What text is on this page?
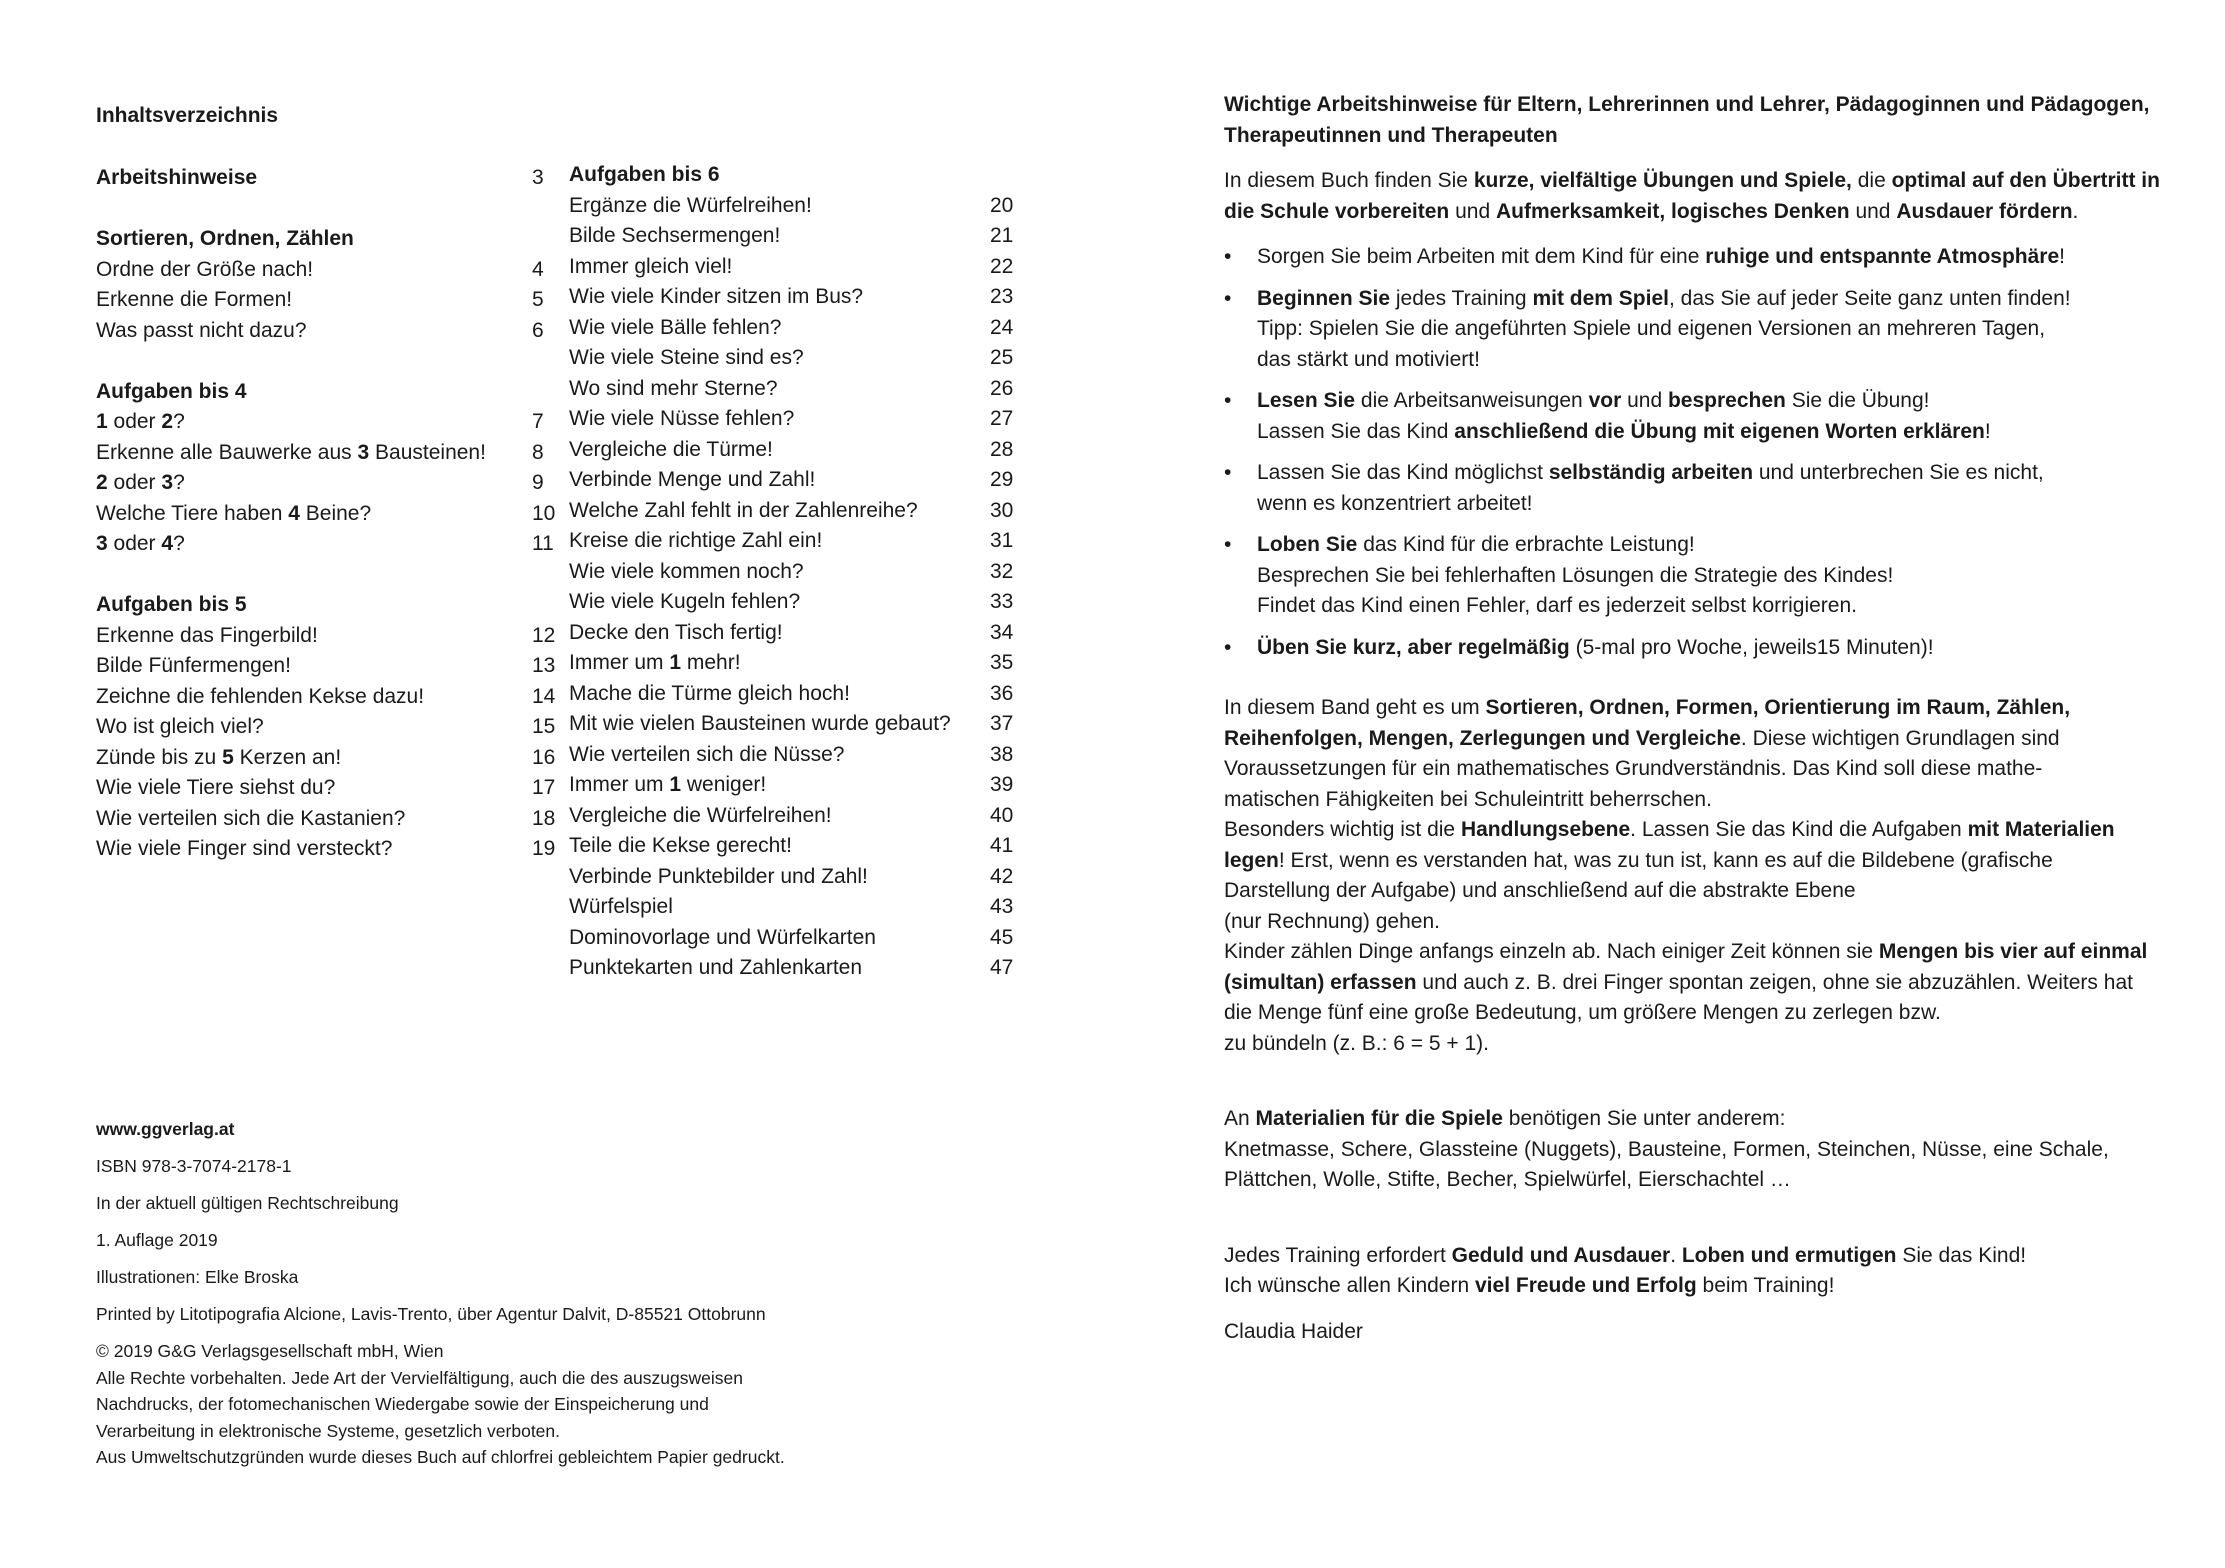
Inhaltsverzeichnis
Arbeitshinweise	3
Sortieren, Ordnen, Zählen
Ordne der Größe nach!	4
Erkenne die Formen!	5
Was passt nicht dazu?	6
Aufgaben bis 4
1 oder 2?	7
Erkenne alle Bauwerke aus 3 Bausteinen! 8
2 oder 3?	9
Welche Tiere haben 4 Beine?	10
3 oder 4?	11
Aufgaben bis 5
Erkenne das Fingerbild!	12
Bilde Fünfermengen!	13
Zeichne die fehlenden Kekse dazu!	14
Wo ist gleich viel?	15
Zünde bis zu 5 Kerzen an!	16
Wie viele Tiere siehst du?	17
Wie verteilen sich die Kastanien?	18
Wie viele Finger sind versteckt?	19
Aufgaben bis 6
Ergänze die Würfelreihen!	20
Bilde Sechsermengen!	21
Immer gleich viel!	22
Wie viele Kinder sitzen im Bus?	23
Wie viele Bälle fehlen?	24
Wie viele Steine sind es?	25
Wo sind mehr Sterne?	26
Wie viele Nüsse fehlen?	27
Vergleiche die Türme!	28
Verbinde Menge und Zahl!	29
Welche Zahl fehlt in der Zahlenreihe?	30
Kreise die richtige Zahl ein!	31
Wie viele kommen noch?	32
Wie viele Kugeln fehlen?	33
Decke den Tisch fertig!	34
Immer um 1 mehr!	35
Mache die Türme gleich hoch!	36
Mit wie vielen Bausteinen wurde gebaut? 37
Wie verteilen sich die Nüsse?	38
Immer um 1 weniger!	39
Vergleiche die Würfelreihen!	40
Teile die Kekse gerecht!	41
Verbinde Punktebilder und Zahl!	42
Würfelspiel	43
Dominovorlage und Würfelkarten	45
Punktekarten und Zahlenkarten	47
www.ggverlag.at
ISBN 978-3-7074-2178-1
In der aktuell gültigen Rechtschreibung
1. Auflage 2019
Illustrationen: Elke Broska
Printed by Litotipografia Alcione, Lavis-Trento, über Agentur Dalvit, D-85521 Ottobrunn
© 2019 G&G Verlagsgesellschaft mbH, Wien
Alle Rechte vorbehalten. Jede Art der Vervielfältigung, auch die des auszugsweisen
Nachdrucks, der fotomechanischen Wiedergabe sowie der Einspeicherung und
Verarbeitung in elektronische Systeme, gesetzlich verboten.
Aus Umweltschutzgründen wurde dieses Buch auf chlorfrei gebleichtem Papier gedruckt.
Wichtige Arbeitshinweise für Eltern, Lehrerinnen und Lehrer, Pädagoginnen und Pädagogen, Therapeutinnen und Therapeuten
In diesem Buch finden Sie kurze, vielfältige Übungen und Spiele, die optimal auf den Übertritt in die Schule vorbereiten und Aufmerksamkeit, logisches Denken und Ausdauer fördern.
• Sorgen Sie beim Arbeiten mit dem Kind für eine ruhige und entspannte Atmosphäre!
• Beginnen Sie jedes Training mit dem Spiel, das Sie auf jeder Seite ganz unten finden!
Tipp: Spielen Sie die angeführten Spiele und eigenen Versionen an mehreren Tagen,
das stärkt und motiviert!
• Lesen Sie die Arbeitsanweisungen vor und besprechen Sie die Übung!
Lassen Sie das Kind anschließend die Übung mit eigenen Worten erklären!
• Lassen Sie das Kind möglichst selbständig arbeiten und unterbrechen Sie es nicht,
wenn es konzentriert arbeitet!
• Loben Sie das Kind für die erbrachte Leistung!
Besprechen Sie bei fehlerhaften Lösungen die Strategie des Kindes!
Findet das Kind einen Fehler, darf es jederzeit selbst korrigieren.
• Üben Sie kurz, aber regelmäßig (5-mal pro Woche, jeweils15 Minuten)!
In diesem Band geht es um Sortieren, Ordnen, Formen, Orientierung im Raum, Zählen, Reihenfolgen, Mengen, Zerlegungen und Vergleiche. Diese wichtigen Grundlagen sind Voraussetzungen für ein mathematisches Grundverständnis. Das Kind soll diese mathe-
matischen Fähigkeiten bei Schuleintritt beherrschen.
Besonders wichtig ist die Handlungsebene. Lassen Sie das Kind die Aufgaben mit Materialien legen! Erst, wenn es verstanden hat, was zu tun ist, kann es auf die Bildebene (grafische Darstellung der Aufgabe) und anschließend auf die abstrakte Ebene
(nur Rechnung) gehen.
Kinder zählen Dinge anfangs einzeln ab. Nach einiger Zeit können sie Mengen bis vier auf einmal (simultan) erfassen und auch z. B. drei Finger spontan zeigen, ohne sie abzuzählen. Weiters hat die Menge fünf eine große Bedeutung, um größere Mengen zu zerlegen bzw.
zu bündeln (z. B.: 6 = 5 + 1).
An Materialien für die Spiele benötigen Sie unter anderem:
Knetmasse, Schere, Glassteine (Nuggets), Bausteine, Formen, Steinchen, Nüsse, eine Schale, Plättchen, Wolle, Stifte, Becher, Spielwürfel, Eierschachtel …
Jedes Training erfordert Geduld und Ausdauer. Loben und ermutigen Sie das Kind!
Ich wünsche allen Kindern viel Freude und Erfolg beim Training!
Claudia Haider
